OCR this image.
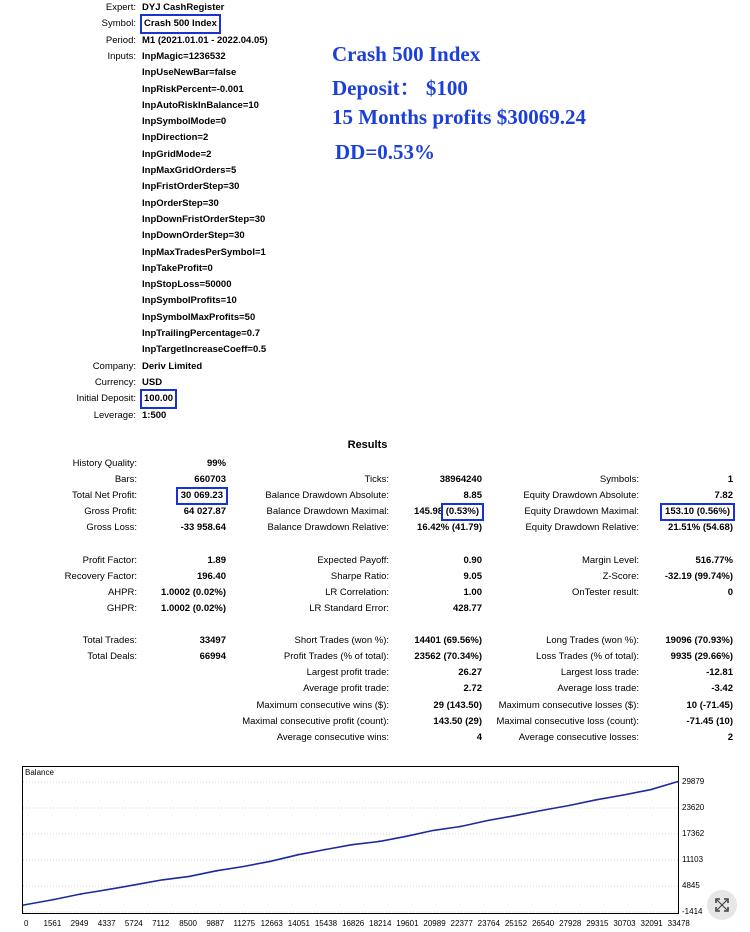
Expert: DYJ CashRegister
Symbol: Crash 500 Index
Period: M1 (2021.01.01 - 2022.04.05)
Inputs: InpMagic=1236532
InpUseNewBar=false
InpRiskPercent=-0.001
InpAutoRiskInBalance=10
InpSymbolMode=0
InpDirection=2
InpGridMode=2
InpMaxGridOrders=5
InpFristOrderStep=30
InpOrderStep=30
InpDownFristOrderStep=30
InpDownOrderStep=30
InpMaxTradesPerSymbol=1
InpTakeProfit=0
InpStopLoss=50000
InpSymbolProfits=10
InpSymbolMaxProfits=50
InpTrailingPercentage=0.7
InpTargetIncreaseCoeff=0.5
Company: Deriv Limited
Currency: USD
Initial Deposit: 100.00
Leverage: 1:500
Crash 500 Index
Deposit： $100
15 Months profits $30069.24
DD=0.53%
Results
History Quality:	99%
Bars:	660703	Ticks:	38964240	Symbols:	1
Total Net Profit:	30 069.23	Balance Drawdown Absolute:	8.85	Equity Drawdown Absolute:	7.82
Gross Profit:	64 027.87	Balance Drawdown Maximal:	145.98 (0.53%)	Equity Drawdown Maximal:	153.10 (0.56%)
Gross Loss:	-33 958.64	Balance Drawdown Relative:	16.42% (41.79)	Equity Drawdown Relative:	21.51% (54.68)
Profit Factor:	1.89	Expected Payoff:	0.90	Margin Level:	516.77%
Recovery Factor:	196.40	Sharpe Ratio:	9.05	Z-Score:	-32.19 (99.74%)
AHPR:	1.0002 (0.02%)	LR Correlation:	1.00	OnTester result:	0
GHPR:	1.0002 (0.02%)	LR Standard Error:	428.77
Total Trades:	33497	Short Trades (won %):	14401 (69.56%)	Long Trades (won %):	19096 (70.93%)
Total Deals:	66994	Profit Trades (% of total):	23562 (70.34%)	Loss Trades (% of total):	9935 (29.66%)
Largest profit trade:	26.27	Largest loss trade:	-12.81
Average profit trade:	2.72	Average loss trade:	-3.42
Maximum consecutive wins ($):	29 (143.50)	Maximum consecutive losses ($):	10 (-71.45)
Maximal consecutive profit (count):	143.50 (29)	Maximal consecutive loss (count):	-71.45 (10)
Average consecutive wins:	4	Average consecutive losses:	2
Balance
29879
23620
17362
11103
4845
-1414
0 1561 2949 4337 5724 7112 8500 9887 11275 12663 14051 15438 16826 18214 19601 20989 22377 23764 25152 26540 27928 29315 30703 32091 33478
